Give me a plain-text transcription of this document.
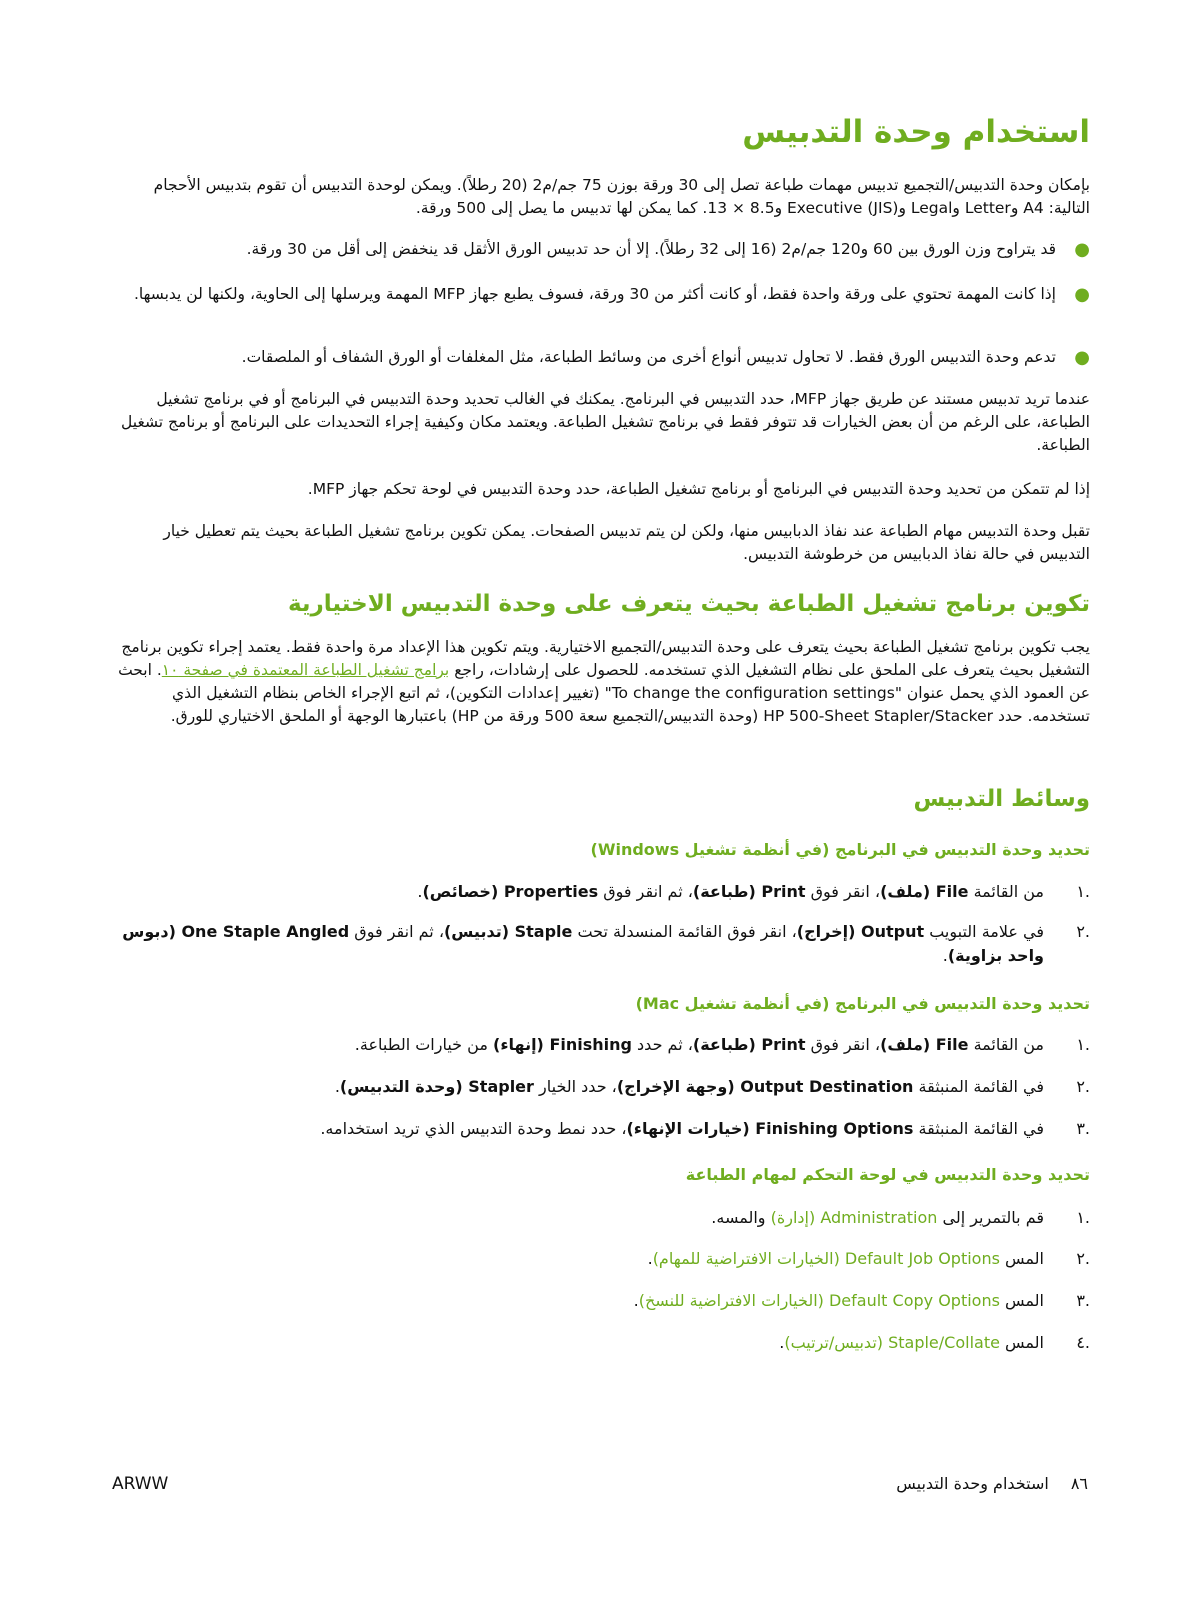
استخدام وحدة التدبيس

بإمكان وحدة التدبيس/التجميع تدبيس مهمات طباعة تصل إلى 30 ورقة بوزن 75 جم/م2 (20 رطلاً). ويمكن لوحدة التدبيس أن تقوم بتدبيس الأحجام التالية: A4 وLetter وLegal وExecutive (JIS) و8.5 × 13. كما يمكن لها تدبيس ما يصل إلى 500 ورقة.

●
قد يتراوح وزن الورق بين 60 و120 جم/م2 (16 إلى 32 رطلاً). إلا أن حد تدبيس الورق الأثقل قد ينخفض إلى أقل من 30 ورقة.
●
إذا كانت المهمة تحتوي على ورقة واحدة فقط، أو كانت أكثر من 30 ورقة، فسوف يطبع جهاز MFP المهمة ويرسلها إلى الحاوية، ولكنها لن يدبسها.
●
تدعم وحدة التدبيس الورق فقط. لا تحاول تدبيس أنواع أخرى من وسائط الطباعة، مثل المغلفات أو الورق الشفاف أو الملصقات.

عندما تريد تدبيس مستند عن طريق جهاز MFP، حدد التدبيس في البرنامج. يمكنك في الغالب تحديد وحدة التدبيس في البرنامج أو في برنامج تشغيل الطباعة، على الرغم من أن بعض الخيارات قد تتوفر فقط في برنامج تشغيل الطباعة. ويعتمد مكان وكيفية إجراء التحديدات على البرنامج أو برنامج تشغيل الطباعة.

إذا لم تتمكن من تحديد وحدة التدبيس في البرنامج أو برنامج تشغيل الطباعة، حدد وحدة التدبيس في لوحة تحكم جهاز MFP.

تقبل وحدة التدبيس مهام الطباعة عند نفاذ الدبابيس منها، ولكن لن يتم تدبيس الصفحات. يمكن تكوين برنامج تشغيل الطباعة بحيث يتم تعطيل خيار التدبيس في حالة نفاذ الدبابيس من خرطوشة التدبيس.

تكوين برنامج تشغيل الطباعة بحيث يتعرف على وحدة التدبيس الاختيارية

يجب تكوين برنامج تشغيل الطباعة بحيث يتعرف على وحدة التدبيس/التجميع الاختيارية. ويتم تكوين هذا الإعداد مرة واحدة فقط. يعتمد إجراء تكوين برنامج التشغيل بحيث يتعرف على الملحق على نظام التشغيل الذي تستخدمه. للحصول على إرشادات، راجع برامج تشغيل الطباعة المعتمدة في صفحة ١٠. ابحث عن العمود الذي يحمل عنوان "To change the configuration settings" (تغيير إعدادات التكوين)، ثم اتبع الإجراء الخاص بنظام التشغيل الذي تستخدمه. حدد HP 500-Sheet Stapler/Stacker (وحدة التدبيس/التجميع سعة 500 ورقة من HP) باعتبارها الوجهة أو الملحق الاختياري للورق.

وسائط التدبيس
تحديد وحدة التدبيس في البرنامج (في أنظمة تشغيل Windows)
.١
من القائمة File (ملف)، انقر فوق Print (طباعة)، ثم انقر فوق Properties (خصائص).
.٢
في علامة التبويب Output (إخراج)، انقر فوق القائمة المنسدلة تحت Staple (تدبيس)، ثم انقر فوق One Staple Angled (دبوس واحد بزاوية).
تحديد وحدة التدبيس في البرنامج (في أنظمة تشغيل Mac)
.١
من القائمة File (ملف)، انقر فوق Print (طباعة)، ثم حدد Finishing (إنهاء) من خيارات الطباعة.
.٢
في القائمة المنبثقة Output Destination (وجهة الإخراج)، حدد الخيار Stapler (وحدة التدبيس).
.٣
في القائمة المنبثقة Finishing Options (خيارات الإنهاء)، حدد نمط وحدة التدبيس الذي تريد استخدامه.
تحديد وحدة التدبيس في لوحة التحكم لمهام الطباعة
.١
قم بالتمرير إلى Administration (إدارة) والمسه.
.٢
المس Default Job Options (الخيارات الافتراضية للمهام).
.٣
المس Default Copy Options (الخيارات الافتراضية للنسخ).
.٤
المس Staple/Collate (تدبيس/ترتيب).
ARWW	٨٦استخدام وحدة التدبيس
